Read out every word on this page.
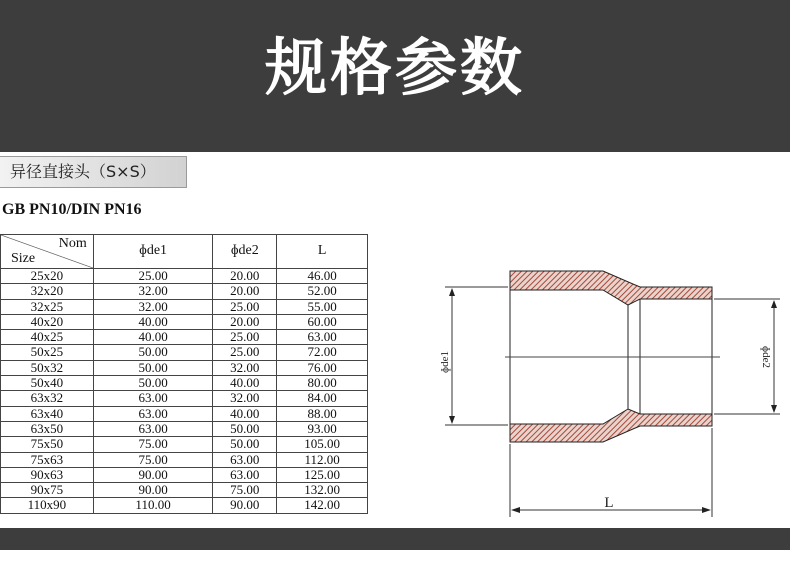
规格参数
异径直接头（S×S）
GB PN10/DIN PN16
Nom
Size	ɸde1	ɸde2	L
25x20	25.00	20.00	46.00
32x20	32.00	20.00	52.00
32x25	32.00	25.00	55.00
40x20	40.00	20.00	60.00
40x25	40.00	25.00	63.00
50x25	50.00	25.00	72.00
50x32	50.00	32.00	76.00
50x40	50.00	40.00	80.00
63x32	63.00	32.00	84.00
63x40	63.00	40.00	88.00
63x50	63.00	50.00	93.00
75x50	75.00	50.00	105.00
75x63	75.00	63.00	112.00
90x63	90.00	63.00	125.00
90x75	90.00	75.00	132.00
110x90	110.00	90.00	142.00
ɸde1	ɸde2
L
